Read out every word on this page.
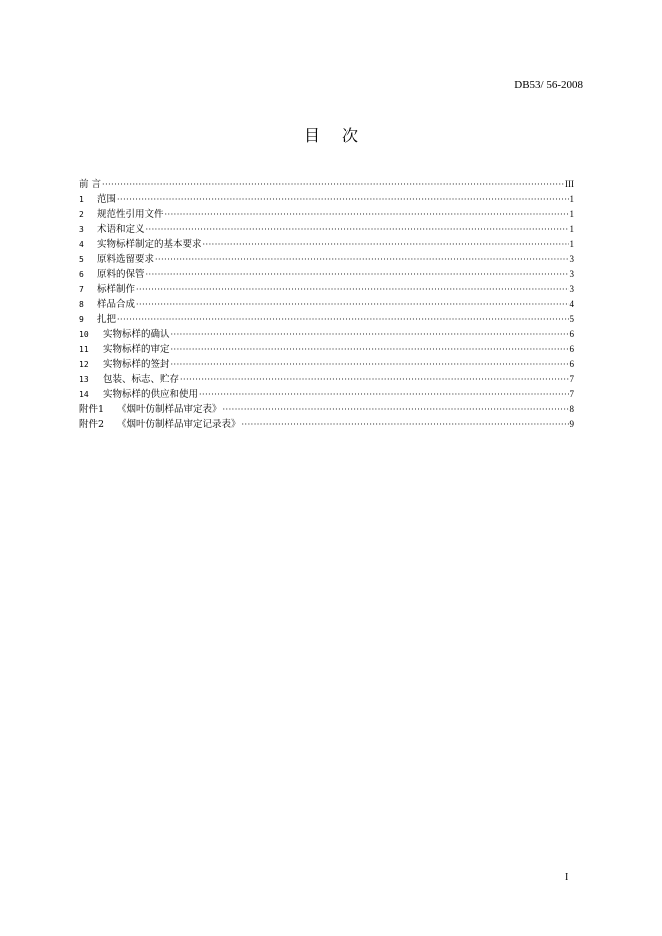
DB53/ 56-2008
目 次
前 言 ·····	III
1	范围 ·····	1
2	规范性引用文件 ·····	1
3	术语和定义 ·····	1
4	实物标样制定的基本要求 ·····	1
5	原料选留要求 ·····	3
6	原料的保管 ·····	3
7	标样制作 ·····	3
8	样品合成 ·····	4
9	扎把 ·····	5
10	实物标样的确认 ·····	6
11	实物标样的审定 ·····	6
12	实物标样的签封 ·····	6
13	包装、标志、贮存 ·····	7
14	实物标样的供应和使用 ·····	7
附件1	《烟叶仿制样品审定表》 ·····	8
附件2	《烟叶仿制样品审定记录表》 ·····	9
I
